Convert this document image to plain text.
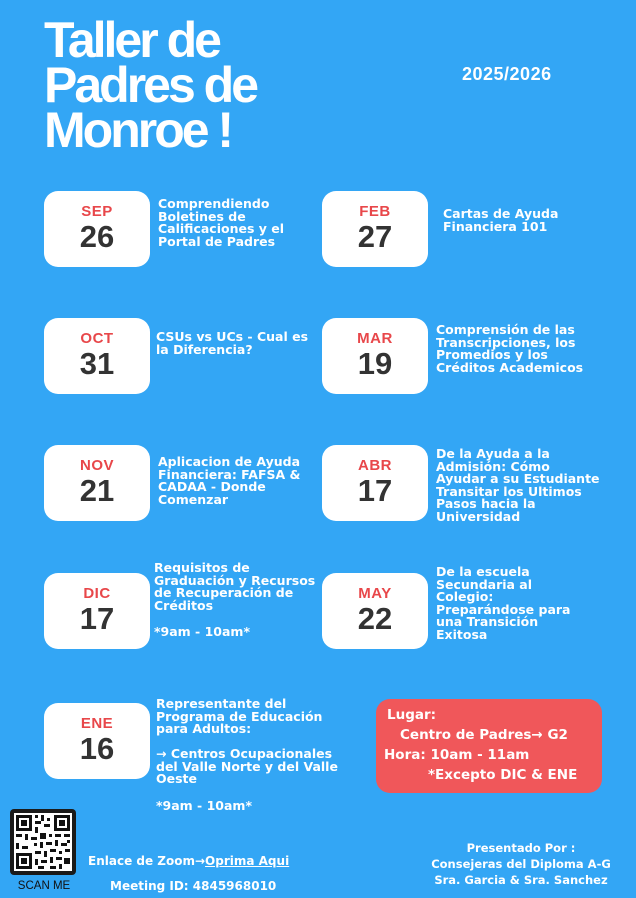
Taller de
Padres de
Monroe !
2025/2026
SEP
26
Comprendiendo
Boletines de
Calificaciones y el
Portal de Padres
FEB
27
Cartas de Ayuda
Financiera 101
OCT
31
CSUs vs UCs - Cual es
la Diferencia?
MAR
19
Comprensión de las
Transcripciones, los
Promedios y los
Créditos Academicos
NOV
21
Aplicacion de Ayuda
Financiera: FAFSA &
CADAA - Donde
Comenzar
ABR
17
De la Ayuda a la
Admisión: Cómo
Ayudar a su Estudiante
Transitar los Ultimos
Pasos hacia la
Universidad
DIC
17
Requisitos de
Graduación y Recursos
de Recuperación de
Créditos
*9am - 10am*
MAY
22
De la escuela
Secundaria al
Colegio:
Preparándose para
una Transición
Exitosa
ENE
16
Representante del
Programa de Educación
para Adultos:
→ Centros Ocupacionales
del Valle Norte y del Valle
Oeste
*9am - 10am*
Lugar:
Centro de Padres→ G2
Hora: 10am - 11am
*Excepto DIC & ENE
SCAN ME
Enlace de Zoom→Oprima Aqui
Meeting ID: 4845968010
Presentado Por :
Consejeras del Diploma A-G
Sra. Garcia & Sra. Sanchez
